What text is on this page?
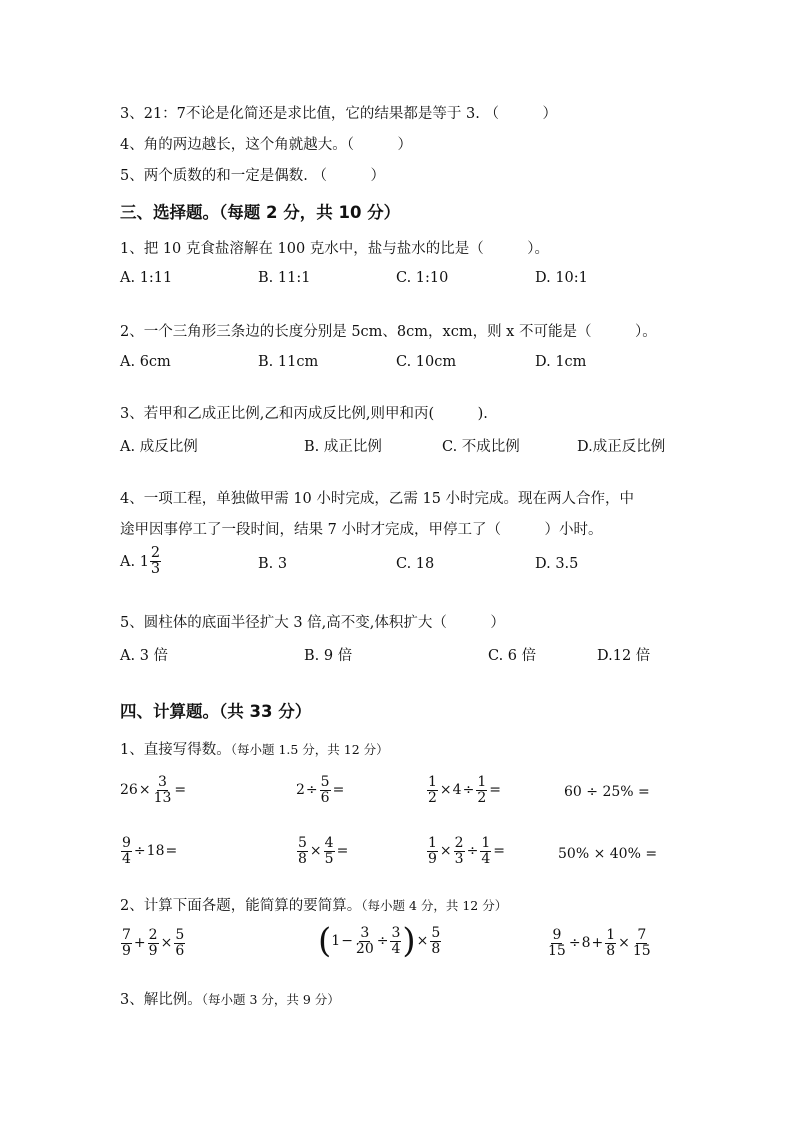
3、21：7不论是化简还是求比值，它的结果都是等于 3. （　　　）
4、角的两边越长，这个角就越大。（　　　）
5、两个质数的和一定是偶数. （　　　）
三、选择题。（每题 2 分，共 10 分）
1、把 10 克食盐溶解在 100 克水中，盐与盐水的比是（　　　）。
A. 1:11	B. 11:1	C. 1:10	D. 10:1
2、一个三角形三条边的长度分别是 5cm、8cm，xcm，则 x 不可能是（　　　）。
A. 6cm	B. 11cm	C. 10cm	D. 1cm
3、若甲和乙成正比例,乙和丙成反比例,则甲和丙(　　　).
A. 成反比例	B. 成正比例	C. 不成比例	D.成正反比例
4、一项工程，单独做甲需 10 小时完成，乙需 15 小时完成。现在两人合作，中
途甲因事停工了一段时间，结果 7 小时才完成，甲停工了（　　　）小时。
A. $1 \frac{2}{3}$	B. 3	C. 18	D. 3.5
5、圆柱体的底面半径扩大 3 倍,高不变,体积扩大（　　　）
A. 3 倍	B. 9 倍	C. 6 倍	D.12 倍
四、计算题。（共 33 分）
1、直接写得数。（每小题 1.5 分，共 12 分）
$26 \times \frac{3}{13}$ =	$2 \div \frac{5}{6}$ =	$\frac{1}{2} \times 4 \div \frac{1}{2}$ =	60 ÷ 25% =
$\frac{9}{4} \div 18$ =	$\frac{5}{8} \times \frac{4}{5}$ =	$\frac{1}{9} \times \frac{2}{3} \div \frac{1}{4}$ =	50% × 40% =
2、计算下面各题，能简算的要简算。（每小题 4 分，共 12 分）
$\frac{7}{9} + \frac{2}{9} \times \frac{5}{6}$	( $1 - \frac{3}{20} \div \frac{3}{4}$ ) × $\frac{5}{8}$	$\frac{9}{15} \div 8 + \frac{1}{8} \times \frac{7}{15}$
3、解比例。（每小题 3 分，共 9 分）
